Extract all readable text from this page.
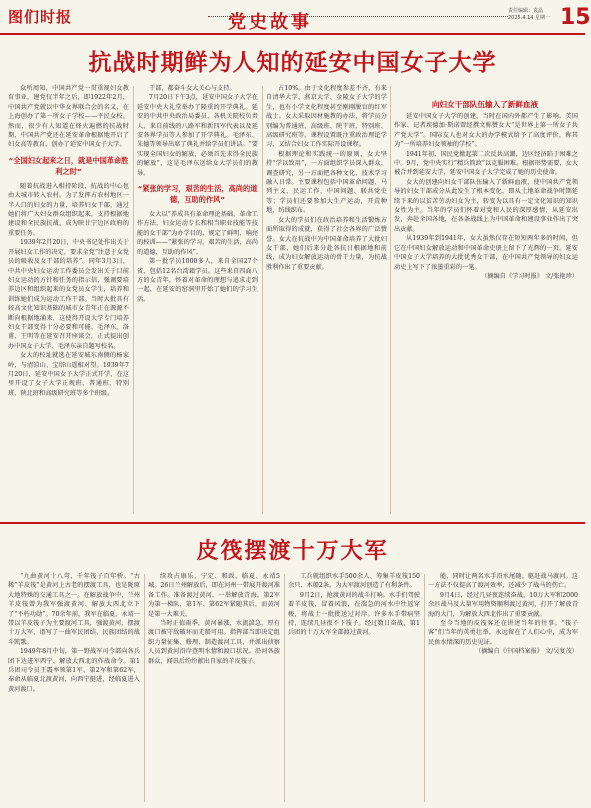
图们时报	党史故事
责任编辑：袁晶
2025.4.14 星期一 15
抗战时期鲜为人知的延安中国女子大学

众所周知，中国共产党一贯重视妇女教育事业，建党仅半年之后，即1922年2月，中国共产党就以中华女界联合会的名义，在上海创办了第一所女子学校——平民女校。然而，很少有人知道在烽火遍燃的抗战时期，中国共产党还在延安革命根据地开启了妇女高等教育，创办了延安中国女子大学。

“全国妇女起来之日，就是中国革命胜利之时”

随着抗战进入相持阶段，抗战的中心也由大城市转入农村。为了发挥占农村地区一半人口的妇女的力量，培养妇女干部，通过她们将广大妇女群众组织起来，支持根据地建设和全民族抗战，成为陕甘宁边区政府的重要任务。

1939年2月20日，中央书记处作出关于开展妇女工作的决定，要求全党“注意于女党员的吸收及女干部的培养”。同年3月3日，中共中央妇女运动工作委员会发出关于目前妇女运动的方针和任务的指示信，强调要培养边区和组织起来的女党员女学生，培养和训练她们成为运动工作干部。当时大批具有较高文化知识基础的城市女青年正在源源不断向根据地涌来，这使得开设大学专门培养妇女干部变得十分必要和可能。毛泽东、洛甫、王明等在延安召开座谈会，正式提出创办中国女子大学，毛泽东亲自题写校名。

女大的校址就选在延安城东南侧的杨家岭，与清凉山、宝塔山遥相对望。1939年7月20日，延安中国女子大学正式开学，在这里开设了女子大学正规班、普通班、特别班、陕北班和高级研究班等多个班级。

干部，都奋斗女大关心与支持。

7月20日下午3点，延安中国女子大学在延安中央大礼堂举办了隆重的开学典礼。延安的中共中央政治局委员、各机关院校负责人、来自前线的八路军和新四军代表以及延安各界学员等人参加了开学典礼。毛泽东、朱德等领导出席了典礼并给学员们讲话。“要实现全国妇女的解放，必须首先求得全民族的解放”，这是毛泽东送给女大学员们的教导。

“紧张的学习，艰苦的生活，高尚的道德，互助的作风”

女大以“养成具有革命理论基础、革命工作方法、妇女运动专长和相当职业技能等技能的女干部”为办学目的，规定了鲜明、响亮的校训——“紧张的学习，艰苦的生活，高尚的道德，互助的作风”。

第一批学员1000多人，来自全国27个省，包括12名台湾籍学员。这些来自四面八方的女青年，怀着对革命的理想与追求走到一起，在延安的窑洞里开始了她们的学习生活。

占10%。由于文化程度参差不齐，有来自清华大学、燕京大学、金陵女子大学的学生，也有小学文化程度甚至刚刚脱盲的红军战士。女大采取因材施教的办法，将学员分别编为普通班、高级班、陕干班、特别班、高级研究班等，课程设置既注重政治理论学习，又结合妇女工作实际开设课程。

根据理论和实践统一的原则，女大坚持“学以致用”，一方面组织学员深入群众、调查研究，另一方面把各种文化、技术学习融入日常。主要课程包括中国革命问题、马列主义、民运工作、中国问题、联共党史等；学员们还要参加大生产运动，开荒种地，纺线织布。

女大的学员们在政治培养和生活锻炼方面所取得的成就，获得了社会各界的广泛赞誉。女大在抗战中为中国革命培养了大批妇女干部，她们后来分赴各抗日根据地和前线，成为妇女解放运动的骨干力量，为抗战胜利作出了重要贡献。

向妇女干部队伍输入了新鲜血液

延安中国女子大学的创建，当时在国内外都产生了影响。美国作家、记者埃德加·斯诺曾经撰文称赞女大“是世界上第一所女子共产党大学”。国际友人也对女大的办学模式给予了高度评价，称其为“一所培养妇女领袖的学校”。

1941年初，国民党掀起第二次反共高潮，边区经济陷于困难之中。9月，党中央实行“精兵简政”以克服困难。根据形势需要，女大被合并到延安大学，延安中国女子大学完成了她的历史使命。

女大的创建向妇女干部队伍输入了新鲜血液，使中国共产党领导的妇女干部成分从此发生了根本变化，即从土地革命战争时期延续下来的以贫苦劳动妇女为主，转变为以具有一定文化知识的知识女性为主。当年的学员们怀着对党和人民的深厚感情，从延安出发，奔赴全国各地，在各条战线上为中国革命和建设事业作出了突出贡献。

从1939年到1941年，女大虽然仅存在短短两年多的时间，但它在中国妇女解放运动和中国革命史册上留下了光辉的一页。延安中国女子大学培养的大批优秀女干部，在中国共产党领导的妇女运动史上写下了浓墨重彩的一笔。

（摘编自《学习时报》 文/张艳珍）
皮筏摆渡十万大军

“九曲黄河十八弯，千年筏子百年桥。“古稀”羊皮筏”是黄河上古老的摆渡工具，也是陇原大地特殊的交通工具之一。在解放战争中，兰州羊皮筏曾为我军强渡黄河、解放大西北立下了“不朽功勋”。70余年前，我军在临夏、永靖一带以羊皮筏子为主要渡河工具，强渡黄河，摆渡十万大军，谱写了一曲军民团结、民族团结的战斗凯歌。

1949年8月中旬，第一野战军司令部向各兵团下达进军西宁、解放大西北的作战命令。第1兵团司令员王震率领第1军、第2军和第62军，奉命从临夏北渡黄河，向西宁挺进，经临夏进入黄河渡口。

续攻占康乐、宁定、和政、临夏、永靖5城。26日兰州解放后，即在河州一带展开渡河准备工作。准备渡过黄河，一举解放青海。第2军为第一梯队，第1军、第62军紧随其后，而黄河是第一大难关。

当时正值雨季，黄河暴涨，水流湍急，厚有渡口被守敌破坏而无船可用。指挥部当即决定组织力量征集、修理、制造渡河工具，并派出侦察人员到黄河沿岸查明水情和渡口状况。沿河各族群众，闻讯后纷纷献出自家的羊皮筏子。

工兵就组织水手500余人、筹集羊皮筏150余只、木船2条。为大军渡河创造了有利条件。

9月2日，抢渡黄河的战斗打响。水手们驾驶着羊皮筏，冒着风浪，在湍急的河水中往返穿梭，将战士一批批送过对岸。许多水手带病坚持，连续几昼夜不下筏子。经过数日奋战，第1兵团的十万大军全部渡过黄河。

能，同时让两名水手沿水尾随。驱赶战马渡河。这一方法不仅提高了渡河效率，还减少了战马的伤亡。

9月4日，经过几昼夜连续奋战，10万大军和2000余匹战马及大量军用物资顺利渡过黄河，打开了解放青海的大门，为解放大西北作出了重要贡献。

至今当地的皮筏客还在讲述当年的往事。“筏子客”们当年的英勇壮举，永远留在了人们心中，成为军民鱼水情深的历史见证。

（摘编自《中国档案报》 文/吴复茂）
